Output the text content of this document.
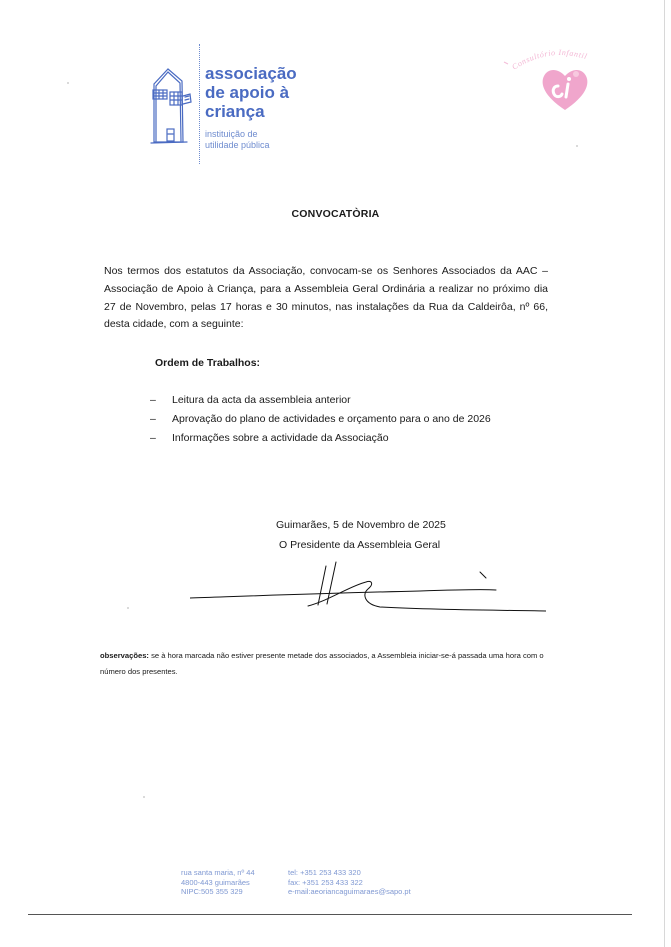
associação
de apoio à
criança
instituição de
utilidade pública
Consultório Infantil
CONVOCATÒRIA
Nos termos dos estatutos da Associação, convocam-se os Senhores Associados da AAC – Associação de Apoio à Criança, para a Assembleia Geral Ordinária a realizar no próximo dia 27 de Novembro, pelas 17 horas e 30 minutos, nas instalações da Rua da Caldeirôa, nº 66, desta cidade, com a seguinte:
Ordem de Trabalhos:
– Leitura da acta da assembleia anterior
– Aprovação do plano de actividades e orçamento para o ano de 2026
– Informações sobre a actividade da Associação
Guimarães, 5 de Novembro de 2025
O Presidente da Assembleia Geral
observações: se à hora marcada não estiver presente metade dos associados, a Assembleia iniciar-se-á passada uma hora com o número dos presentes.
rua santa maria, nº 44
4800-443 guimarães
NIPC:505 355 329
tel: +351 253 433 320
fax: +351 253 433 322
e-mail:aeoriancaguimaraes@sapo.pt
